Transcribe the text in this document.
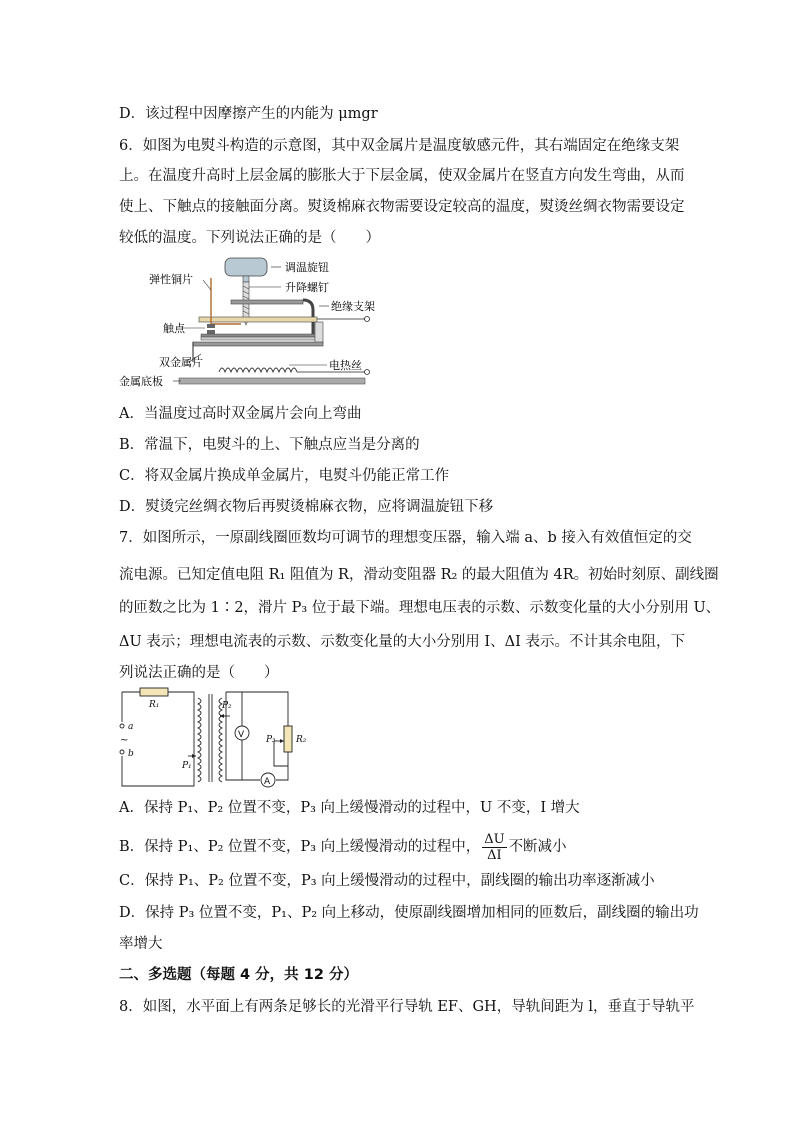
D．该过程中因摩擦产生的内能为 μmgr
6．如图为电熨斗构造的示意图，其中双金属片是温度敏感元件，其右端固定在绝缘支架
上。在温度升高时上层金属的膨胀大于下层金属，使双金属片在竖直方向发生弯曲，从而
使上、下触点的接触面分离。熨烫棉麻衣物需要设定较高的温度，熨烫丝绸衣物需要设定
较低的温度。下列说法正确的是（　　）
调温旋钮
升降螺钉
弹性铜片
绝缘支架
触点
双金属片	电热丝
金属底板
A．当温度过高时双金属片会向上弯曲
B．常温下，电熨斗的上、下触点应当是分离的
C．将双金属片换成单金属片，电熨斗仍能正常工作
D．熨烫完丝绸衣物后再熨烫棉麻衣物，应将调温旋钮下移
7．如图所示，一原副线圈匝数均可调节的理想变压器，输入端 a、b 接入有效值恒定的交
流电源。已知定值电阻 R₁ 阻值为 R，滑动变阻器 R₂ 的最大阻值为 4R。初始时刻原、副线圈
的匝数之比为 1∶2，滑片 P₃ 位于最下端。理想电压表的示数、示数变化量的大小分别用 U、
ΔU 表示；理想电流表的示数、示数变化量的大小分别用 I、ΔI 表示。不计其余电阻，下
列说法正确的是（　　）
R₁
R₂
a
b
P₁
P₂
P₃
~	V
A
A．保持 P₁、P₂ 位置不变，P₃ 向上缓慢滑动的过程中，U 不变，I 增大
B．保持 P₁、P₂ 位置不变，P₃ 向上缓慢滑动的过程中， $\frac{\Delta U}{\Delta I}$ 不断减小
C．保持 P₁、P₂ 位置不变，P₃ 向上缓慢滑动的过程中，副线圈的输出功率逐渐减小
D．保持 P₃ 位置不变，P₁、P₂ 向上移动，使原副线圈增加相同的匝数后，副线圈的输出功
率增大
二、多选题（每题 4 分，共 12 分）
8．如图，水平面上有两条足够长的光滑平行导轨 EF、GH，导轨间距为 l，垂直于导轨平
